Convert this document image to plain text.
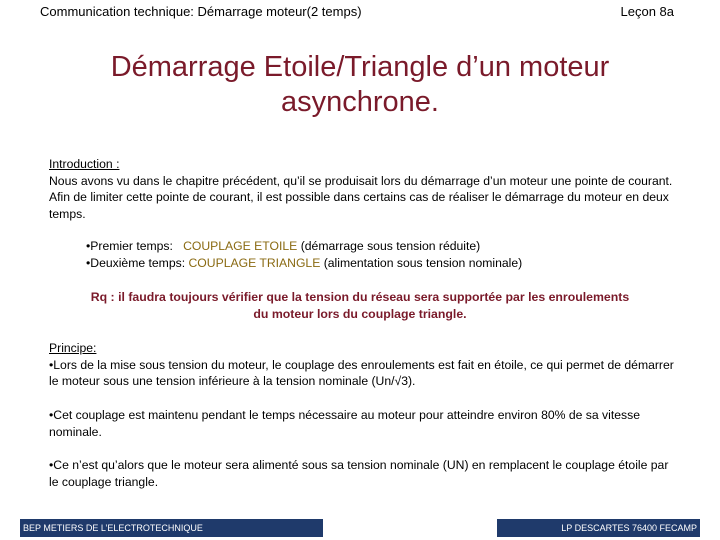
Communication technique: Démarrage moteur(2 temps)	Leçon 8a
Démarrage Etoile/Triangle d’un moteur
asynchrone.
Introduction :
Nous avons vu dans le chapitre précédent, qu’il se produisait lors du démarrage d’un moteur une pointe de courant. Afin de limiter cette pointe de courant, il est possible dans certains cas de réaliser le démarrage du moteur en deux temps.
•Premier temps:   COUPLAGE ETOILE (démarrage sous tension réduite)
•Deuxième temps: COUPLAGE TRIANGLE (alimentation sous tension nominale)
Rq : il faudra toujours vérifier que la tension du réseau sera supportée par les enroulements
du moteur lors du couplage triangle.
Principe:
•Lors de la mise sous tension du moteur, le couplage des enroulements est fait en étoile, ce qui permet de démarrer le moteur sous une tension inférieure à la tension nominale (Un/√3).
•Cet couplage est maintenu pendant le temps nécessaire au moteur pour atteindre environ 80% de sa vitesse nominale.
•Ce n’est qu’alors que le moteur sera alimenté sous sa tension nominale (UN) en remplacent le couplage étoile par le couplage triangle.
BEP METIERS DE L’ELECTROTECHNIQUE	LP DESCARTES 76400 FECAMP
